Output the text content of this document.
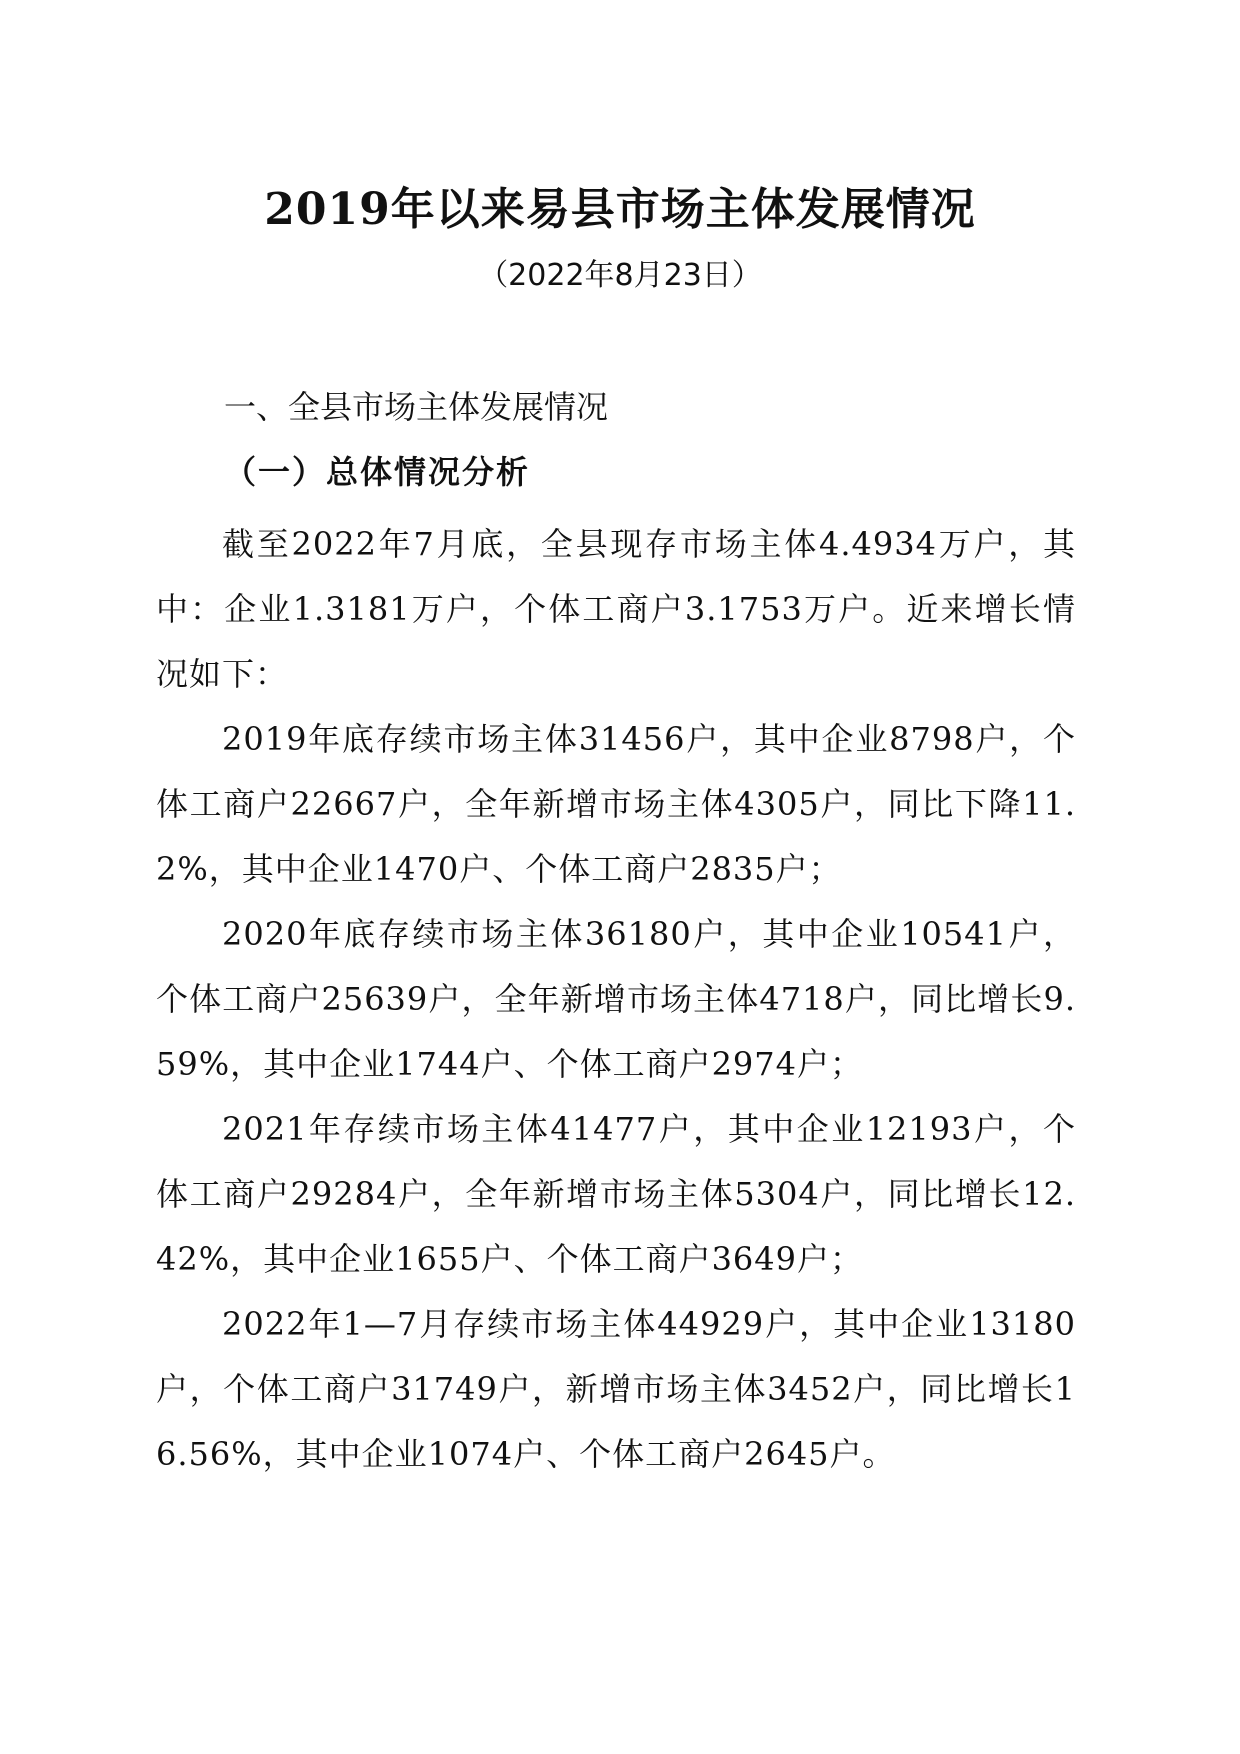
2019年以来易县市场主体发展情况
（2022年8月23日）
一、全县市场主体发展情况
（一）总体情况分析

截至2022年7月底，全县现存市场主体4.4934万户，其中：企业1.3181万户，个体工商户3.1753万户。近来增长情况如下：

2019年底存续市场主体31456户，其中企业8798户，个体工商户22667户，全年新增市场主体4305户，同比下降11.2%，其中企业1470户、个体工商户2835户；

2020年底存续市场主体36180户，其中企业10541户，个体工商户25639户，全年新增市场主体4718户，同比增长9.59%，其中企业1744户、个体工商户2974户；

2021年存续市场主体41477户，其中企业12193户，个体工商户29284户，全年新增市场主体5304户，同比增长12.42%，其中企业1655户、个体工商户3649户；

2022年1—7月存续市场主体44929户，其中企业13180户，个体工商户31749户，新增市场主体3452户，同比增长16.56%，其中企业1074户、个体工商户2645户。
